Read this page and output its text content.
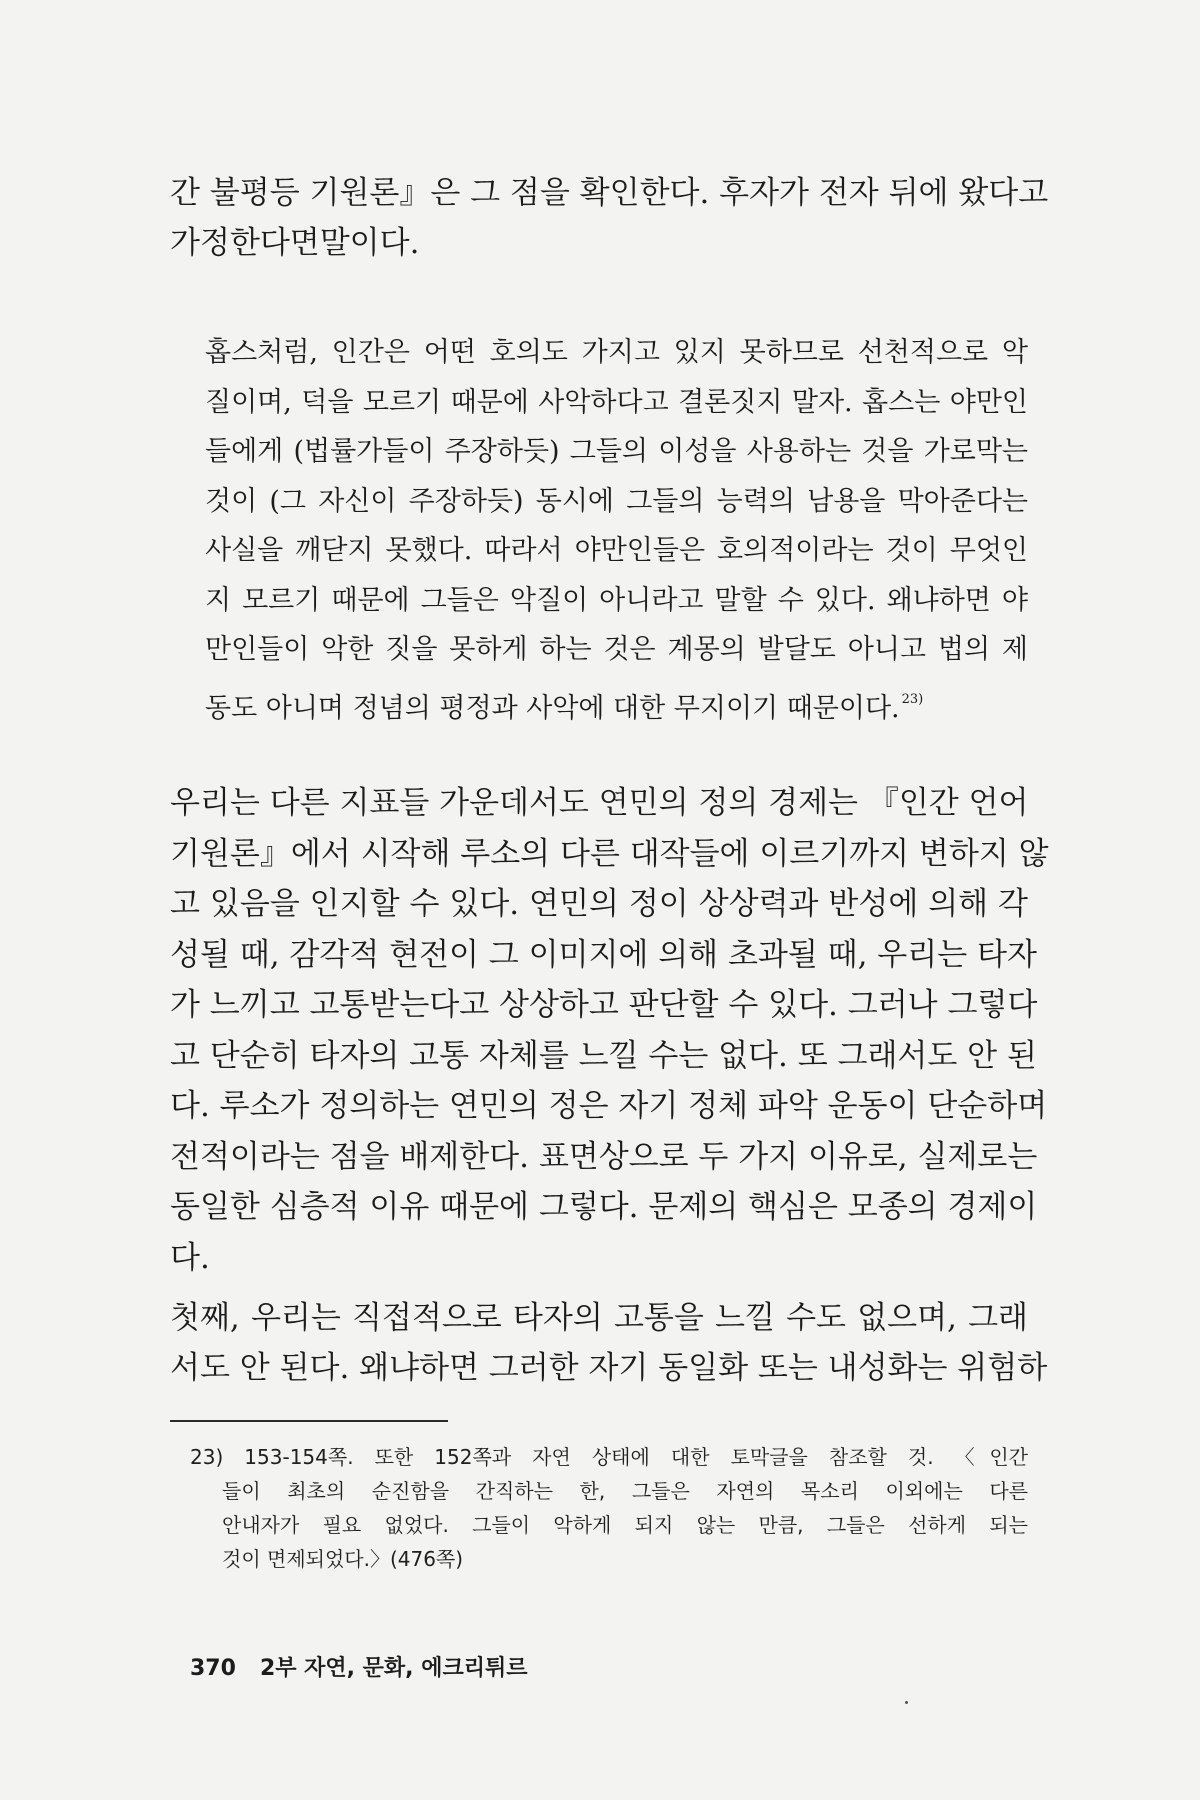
간 불평등 기원론』은 그 점을 확인한다. 후자가 전자 뒤에 왔다고
가정한다면말이다.

홉스처럼, 인간은 어떤 호의도 가지고 있지 못하므로 선천적으로 악
질이며, 덕을 모르기 때문에 사악하다고 결론짓지 말자. 홉스는 야만인
들에게 (법률가들이 주장하듯) 그들의 이성을 사용하는 것을 가로막는
것이 (그 자신이 주장하듯) 동시에 그들의 능력의 남용을 막아준다는
사실을 깨닫지 못했다. 따라서 야만인들은 호의적이라는 것이 무엇인
지 모르기 때문에 그들은 악질이 아니라고 말할 수 있다. 왜냐하면 야
만인들이 악한 짓을 못하게 하는 것은 계몽의 발달도 아니고 법의 제
동도 아니며 정념의 평정과 사악에 대한 무지이기 때문이다. $^{23)}$

우리는 다른 지표들 가운데서도 연민의 정의 경제는 『인간 언어
기원론』에서 시작해 루소의 다른 대작들에 이르기까지 변하지 않
고 있음을 인지할 수 있다. 연민의 정이 상상력과 반성에 의해 각
성될 때, 감각적 현전이 그 이미지에 의해 초과될 때, 우리는 타자
가 느끼고 고통받는다고 상상하고 판단할 수 있다. 그러나 그렇다
고 단순히 타자의 고통 자체를 느낄 수는 없다. 또 그래서도 안 된
다. 루소가 정의하는 연민의 정은 자기 정체 파악 운동이 단순하며
전적이라는 점을 배제한다. 표면상으로 두 가지 이유로, 실제로는
동일한 심층적 이유 때문에 그렇다. 문제의 핵심은 모종의 경제이
다.

첫째, 우리는 직접적으로 타자의 고통을 느낄 수도 없으며, 그래
서도 안 된다. 왜냐하면 그러한 자기 동일화 또는 내성화는 위험하

23) 153-154쪽. 또한 152쪽과 자연 상태에 대한 토막글을 참조할 것. 〈인간
들이 최초의 순진함을 간직하는 한, 그들은 자연의 목소리 이외에는 다른
안내자가 필요 없었다. 그들이 악하게 되지 않는 만큼, 그들은 선하게 되는
것이 면제되었다.〉(476쪽)
370 2부 자연, 문화, 에크리튀르
